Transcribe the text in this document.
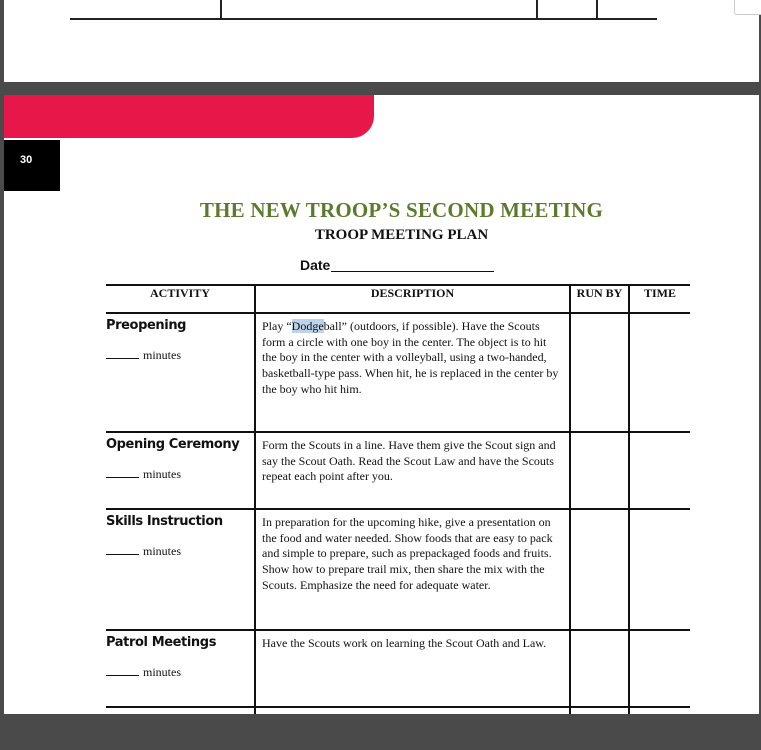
30
THE NEW TROOP’S SECOND MEETING
TROOP MEETING PLAN
Date
ACTIVITY	DESCRIPTION	RUN BY	TIME

Preopening
minutes	Play “Dodgeball” (outdoors, if possible). Have the Scouts form a circle with one boy in the center. The object is to hit the boy in the center with a volleyball, using a two-handed, basketball-type pass. When hit, he is replaced in the center by the boy who hit him.		

Opening Ceremony
minutes	Form the Scouts in a line. Have them give the Scout sign and say the Scout Oath. Read the Scout Law and have the Scouts repeat each point after you.		

Skills Instruction
minutes	In preparation for the upcoming hike, give a presentation on the food and water needed. Show foods that are easy to pack and simple to prepare, such as prepackaged foods and fruits. Show how to prepare trail mix, then share the mix with the Scouts. Emphasize the need for adequate water.		

Patrol Meetings
minutes	Have the Scouts work on learning the Scout Oath and Law.		
